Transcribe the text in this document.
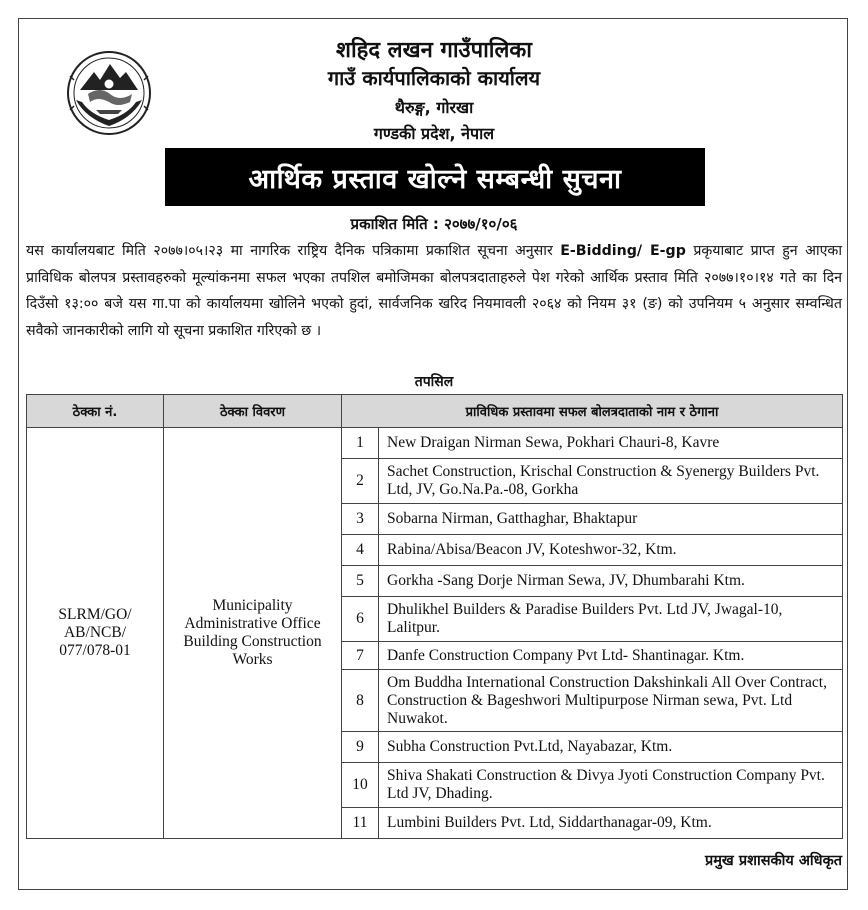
शहिद लखन गाउँपालिका
गाउँ कार्यपालिकाको कार्यालय
थैरुङ्ग, गोरखा
गण्डकी प्रदेश, नेपाल
आर्थिक प्रस्ताव खोल्ने सम्बन्धी सुचना
प्रकाशित मिति : २०७७/१०/०६
यस कार्यालयबाट मिति २०७७।०५।२३ मा नागरिक राष्ट्रिय दैनिक पत्रिकामा प्रकाशित सूचना अनुसार E-Bidding/ E-gp प्रकृयाबाट प्राप्त हुन आएका प्राविधिक बोलपत्र प्रस्तावहरुको मूल्यांकनमा सफल भएका तपशिल बमोजिमका बोलपत्रदाताहरुले पेश गरेको आर्थिक प्रस्ताव मिति २०७७।१०।१४ गते का दिन दिउँसो १३:०० बजे यस गा.पा को कार्यालयमा खोलिने भएको हुदां, सार्वजनिक खरिद नियमावली २०६४ को नियम ३१ (ङ) को उपनियम ५ अनुसार सम्वन्धित सवैको जानकारीको लागि यो सूचना प्रकाशित गरिएको छ ।
तपसिल
ठेक्का नं.	ठेक्का विवरण	प्राविधिक प्रस्तावमा सफल बोलत्रदाताको नाम र ठेगाना	
SLRM/GO/ AB/NCB/ 077/078-01	Municipality Administrative Office Building Construction Works	1	New Draigan Nirman Sewa, Pokhari Chauri-8, Kavre
		2	Sachet Construction, Krischal Construction & Syenergy Builders Pvt. Ltd, JV, Go.Na.Pa.-08, Gorkha
		3	Sobarna Nirman, Gatthaghar, Bhaktapur
		4	Rabina/Abisa/Beacon JV, Koteshwor-32, Ktm.
		5	Gorkha -Sang Dorje Nirman Sewa, JV, Dhumbarahi Ktm.
		6	Dhulikhel Builders & Paradise Builders Pvt. Ltd JV, Jwagal-10, Lalitpur.
		7	Danfe Construction Company Pvt Ltd- Shantinagar. Ktm.
		8	Om Buddha International Construction Dakshinkali All Over Contract, Construction & Bageshwori Multipurpose Nirman sewa, Pvt. Ltd Nuwakot.
		9	Subha Construction Pvt.Ltd, Nayabazar, Ktm.
		10	Shiva Shakati Construction & Divya Jyoti Construction Company Pvt. Ltd JV, Dhading.
		11	Lumbini Builders Pvt. Ltd, Siddarthanagar-09, Ktm.
प्रमुख प्रशासकीय अधिकृत
